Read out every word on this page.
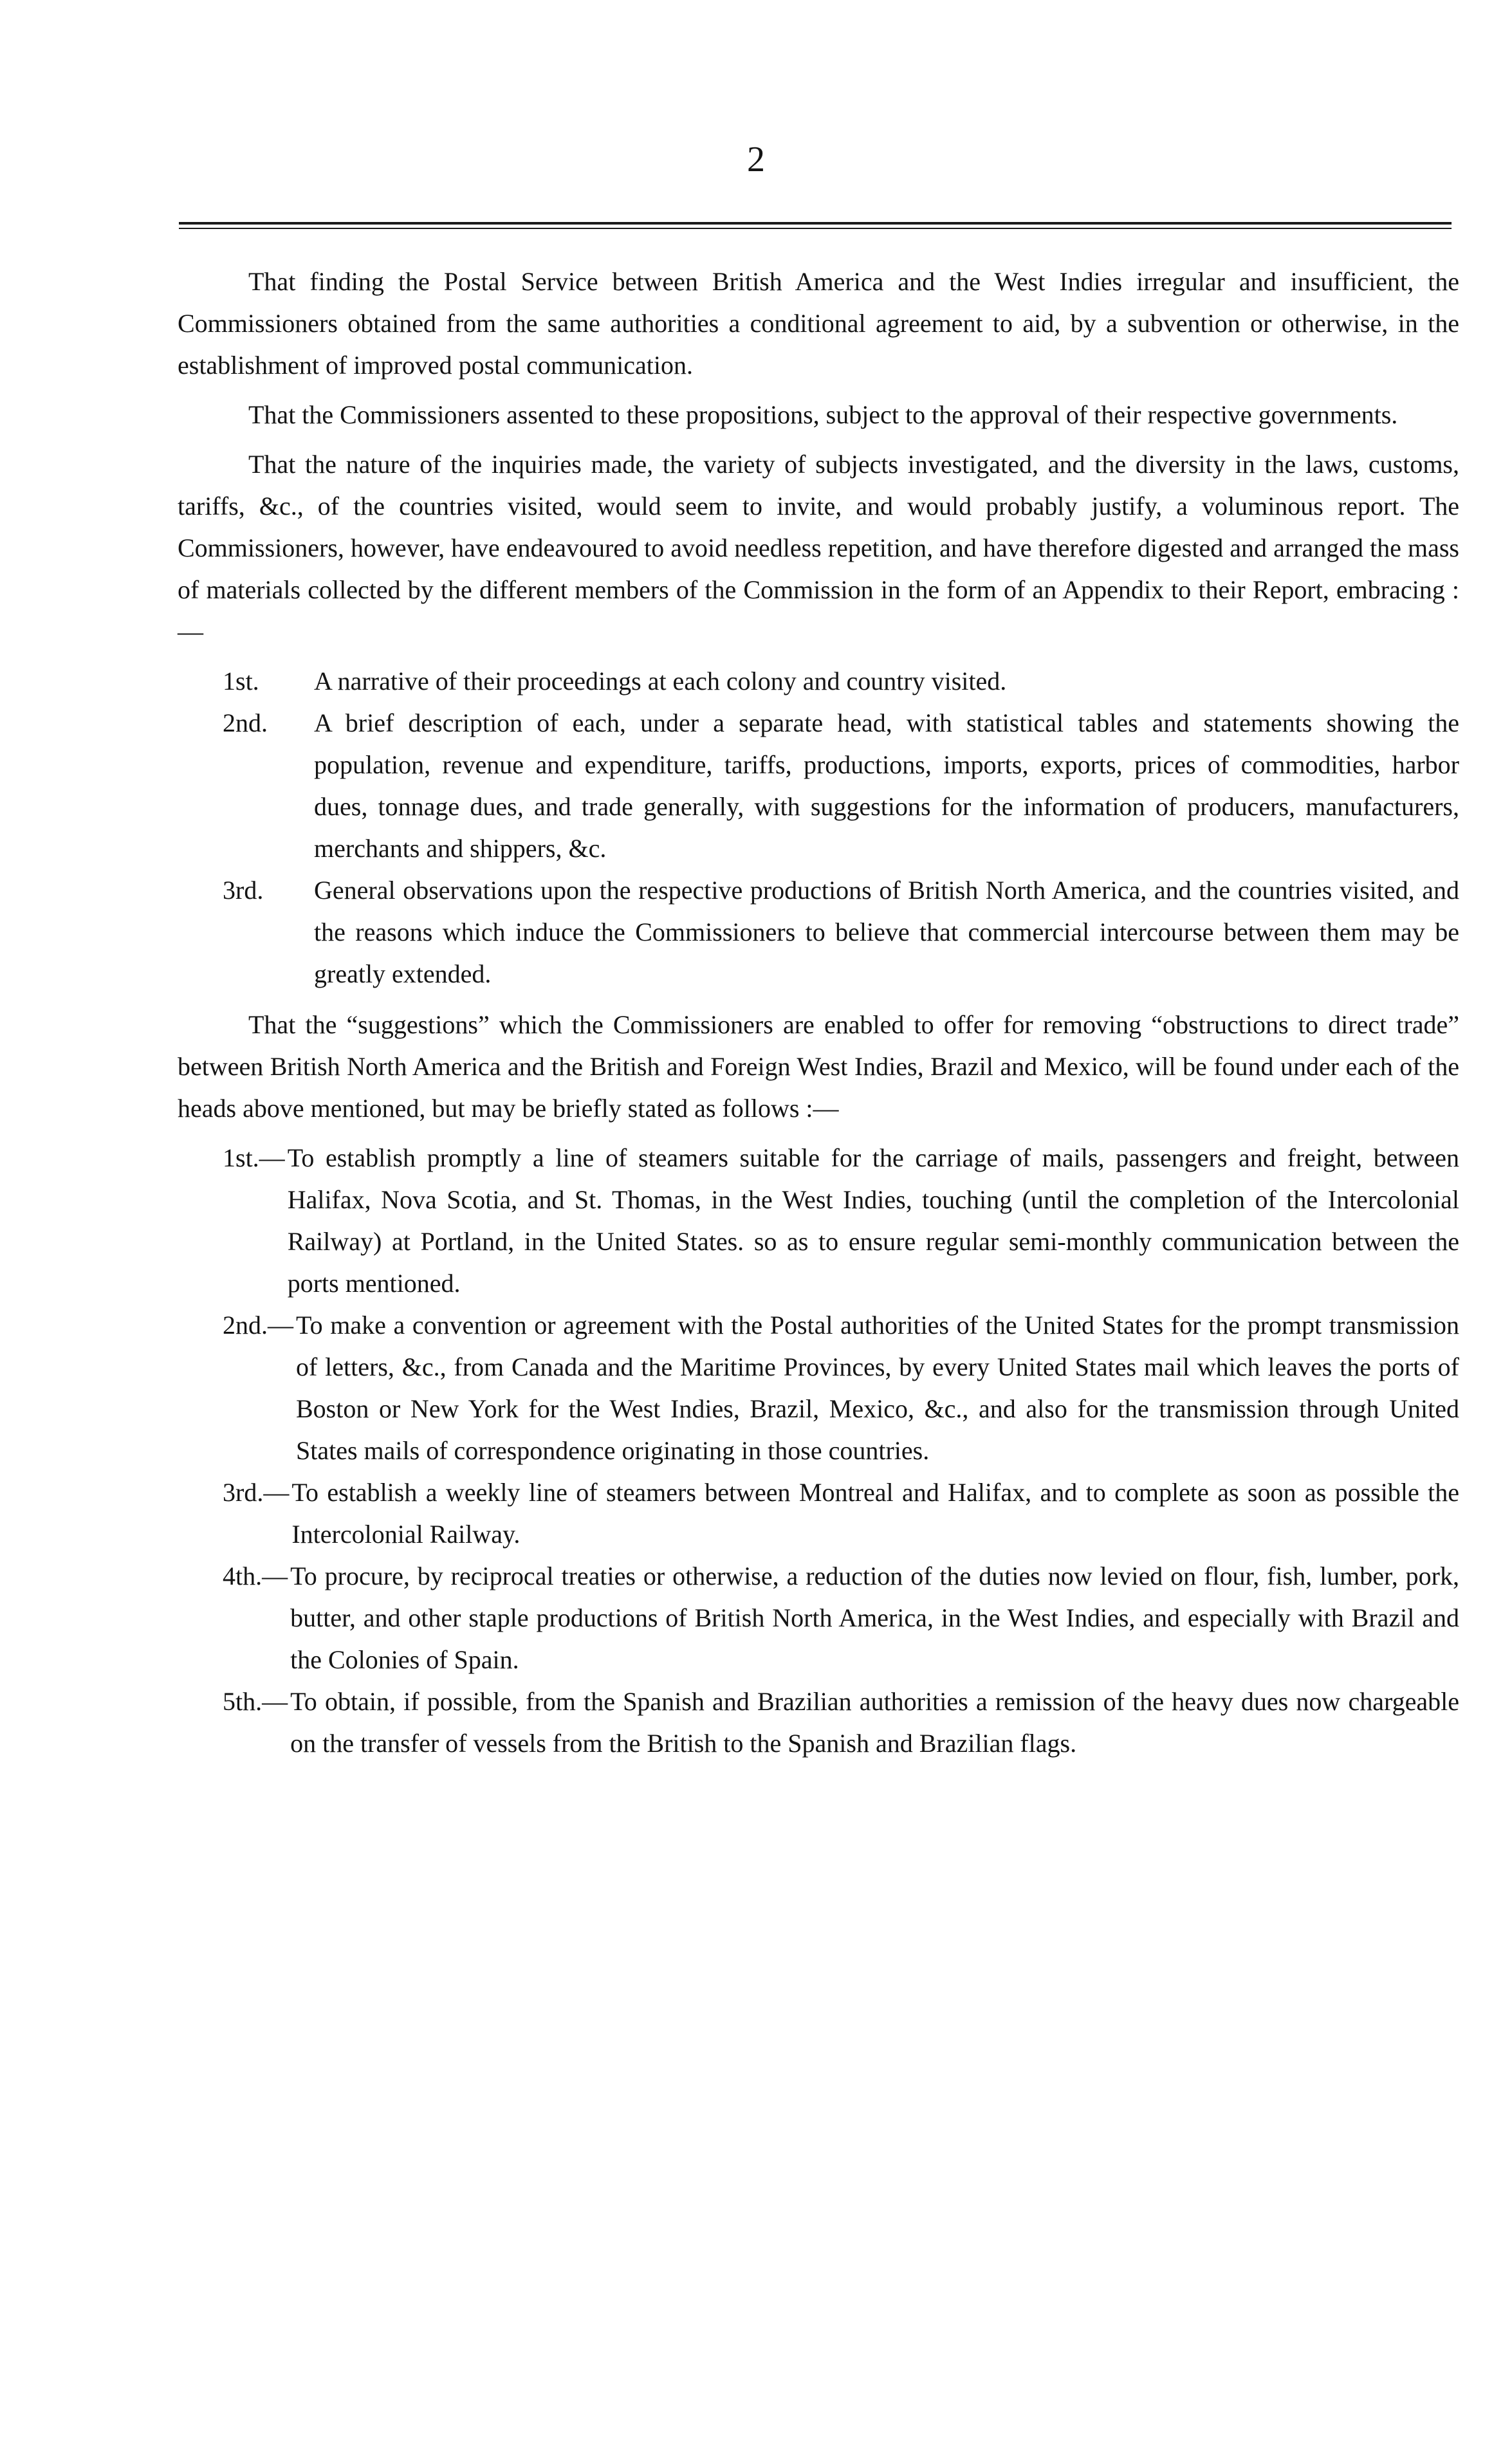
2

That finding the Postal Service between British America and the West Indies irregular and insufficient, the Commissioners obtained from the same authorities a conditional agreement to aid, by a subvention or otherwise, in the establishment of improved postal communication.

That the Commissioners assented to these propositions, subject to the approval of their respective governments.

That the nature of the inquiries made, the variety of subjects investigated, and the diversity in the laws, customs, tariffs, &c., of the countries visited, would seem to invite, and would probably justify, a voluminous report. The Commissioners, however, have endeavoured to avoid needless repetition, and have therefore digested and arranged the mass of materials collected by the different members of the Commission in the form of an Appendix to their Report, embracing :—

1st.	A narrative of their proceedings at each colony and country visited.
2nd.	A brief description of each, under a separate head, with statistical tables and statements showing the population, revenue and expenditure, tariffs, productions, imports, exports, prices of commodities, harbor dues, tonnage dues, and trade generally, with suggestions for the information of producers, manufacturers, merchants and shippers, &c.
3rd.	General observations upon the respective productions of British North America, and the countries visited, and the reasons which induce the Commissioners to believe that commercial intercourse between them may be greatly extended.

That the “suggestions” which the Commissioners are enabled to offer for removing “obstructions to direct trade” between British North America and the British and Foreign West Indies, Brazil and Mexico, will be found under each of the heads above mentioned, but may be briefly stated as follows :—

1st.— To establish promptly a line of steamers suitable for the carriage of mails, passengers and freight, between Halifax, Nova Scotia, and St. Thomas, in the West Indies, touching (until the completion of the Intercolonial Railway) at Portland, in the United States. so as to ensure regular semi-monthly communication between the ports mentioned.
2nd.— To make a convention or agreement with the Postal authorities of the United States for the prompt transmission of letters, &c., from Canada and the Maritime Provinces, by every United States mail which leaves the ports of Boston or New York for the West Indies, Brazil, Mexico, &c., and also for the transmission through United States mails of correspondence originating in those countries.
3rd.— To establish a weekly line of steamers between Montreal and Halifax, and to complete as soon as possible the Intercolonial Railway.
4th.— To procure, by reciprocal treaties or otherwise, a reduction of the duties now levied on flour, fish, lumber, pork, butter, and other staple productions of British North America, in the West Indies, and especially with Brazil and the Colonies of Spain.
5th.— To obtain, if possible, from the Spanish and Brazilian authorities a remission of the heavy dues now chargeable on the transfer of vessels from the British to the Spanish and Brazilian flags.
